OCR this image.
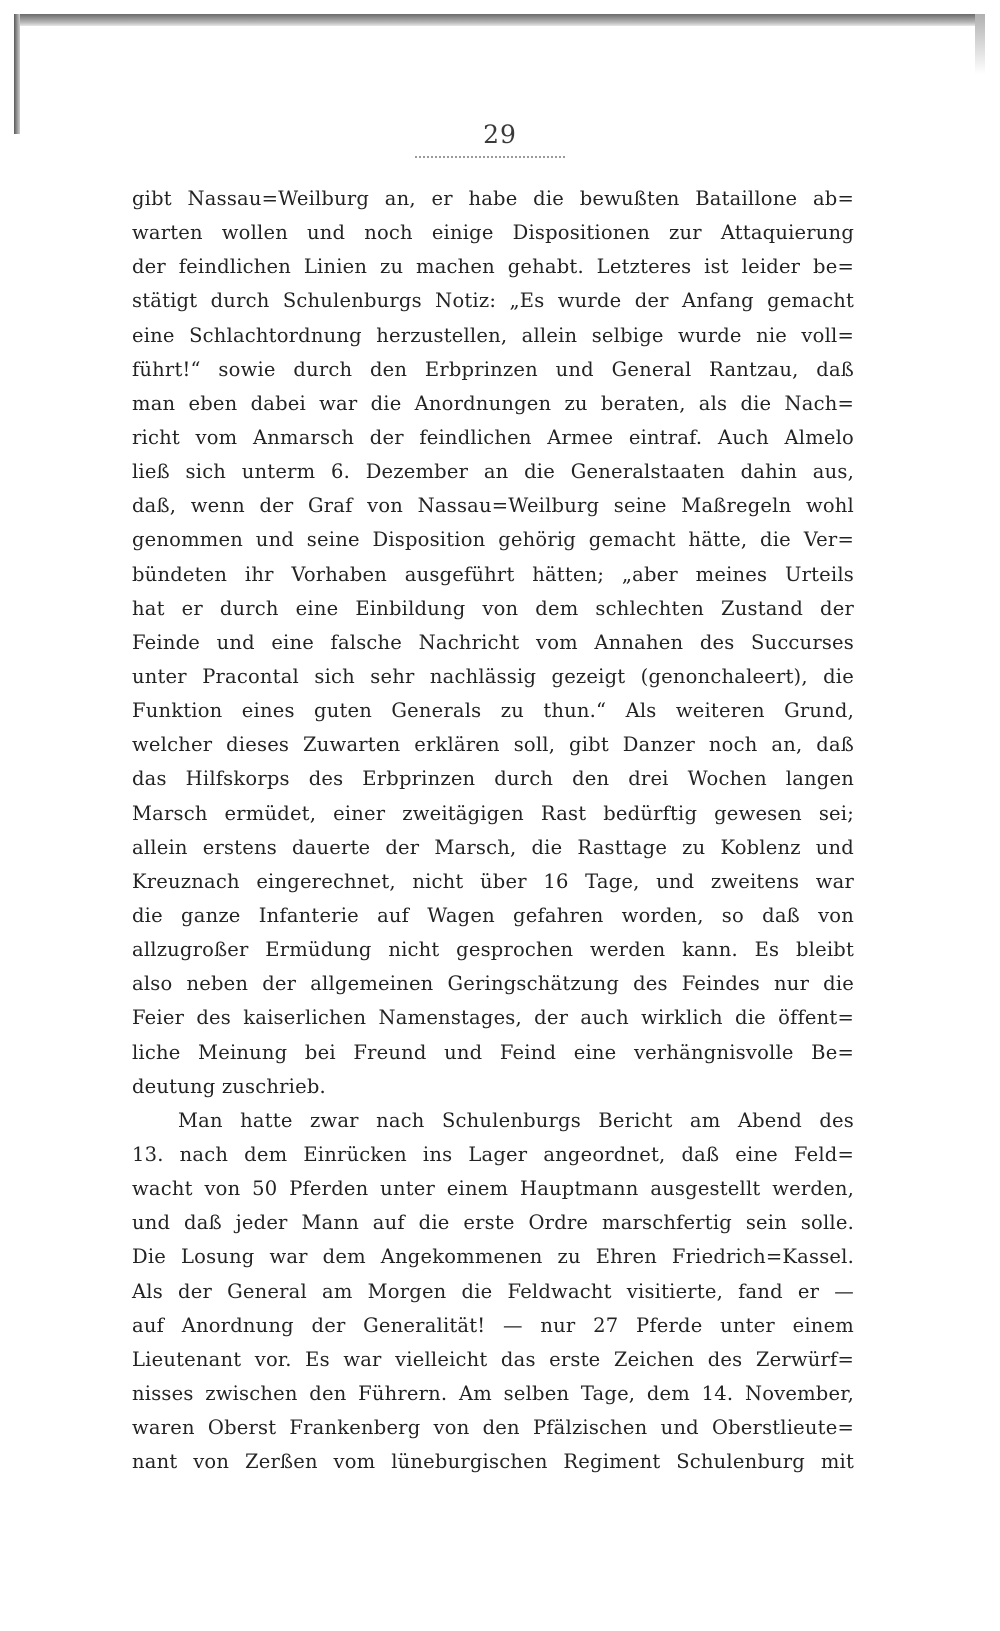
29
gibt Nassau=Weilburg an, er habe die bewußten Bataillone ab=
warten wollen und noch einige Dispositionen zur Attaquierung
der feindlichen Linien zu machen gehabt. Letzteres ist leider be=
stätigt durch Schulenburgs Notiz: „Es wurde der Anfang gemacht
eine Schlachtordnung herzustellen, allein selbige wurde nie voll=
führt!“ sowie durch den Erbprinzen und General Rantzau, daß
man eben dabei war die Anordnungen zu beraten, als die Nach=
richt vom Anmarsch der feindlichen Armee eintraf. Auch Almelo
ließ sich unterm 6. Dezember an die Generalstaaten dahin aus,
daß, wenn der Graf von Nassau=Weilburg seine Maßregeln wohl
genommen und seine Disposition gehörig gemacht hätte, die Ver=
bündeten ihr Vorhaben ausgeführt hätten; „aber meines Urteils
hat er durch eine Einbildung von dem schlechten Zustand der
Feinde und eine falsche Nachricht vom Annahen des Succurses
unter Pracontal sich sehr nachlässig gezeigt (genonchaleert), die
Funktion eines guten Generals zu thun.“ Als weiteren Grund,
welcher dieses Zuwarten erklären soll, gibt Danzer noch an, daß
das Hilfskorps des Erbprinzen durch den drei Wochen langen
Marsch ermüdet, einer zweitägigen Rast bedürftig gewesen sei;
allein erstens dauerte der Marsch, die Rasttage zu Koblenz und
Kreuznach eingerechnet, nicht über 16 Tage, und zweitens war
die ganze Infanterie auf Wagen gefahren worden, so daß von
allzugroßer Ermüdung nicht gesprochen werden kann. Es bleibt
also neben der allgemeinen Geringschätzung des Feindes nur die
Feier des kaiserlichen Namenstages, der auch wirklich die öffent=
liche Meinung bei Freund und Feind eine verhängnisvolle Be=
deutung zuschrieb.
Man hatte zwar nach Schulenburgs Bericht am Abend des
13. nach dem Einrücken ins Lager angeordnet, daß eine Feld=
wacht von 50 Pferden unter einem Hauptmann ausgestellt werden,
und daß jeder Mann auf die erste Ordre marschfertig sein solle.
Die Losung war dem Angekommenen zu Ehren Friedrich=Kassel.
Als der General am Morgen die Feldwacht visitierte, fand er —
auf Anordnung der Generalität! — nur 27 Pferde unter einem
Lieutenant vor. Es war vielleicht das erste Zeichen des Zerwürf=
nisses zwischen den Führern. Am selben Tage, dem 14. November,
waren Oberst Frankenberg von den Pfälzischen und Oberstlieute=
nant von Zerßen vom lüneburgischen Regiment Schulenburg mit
